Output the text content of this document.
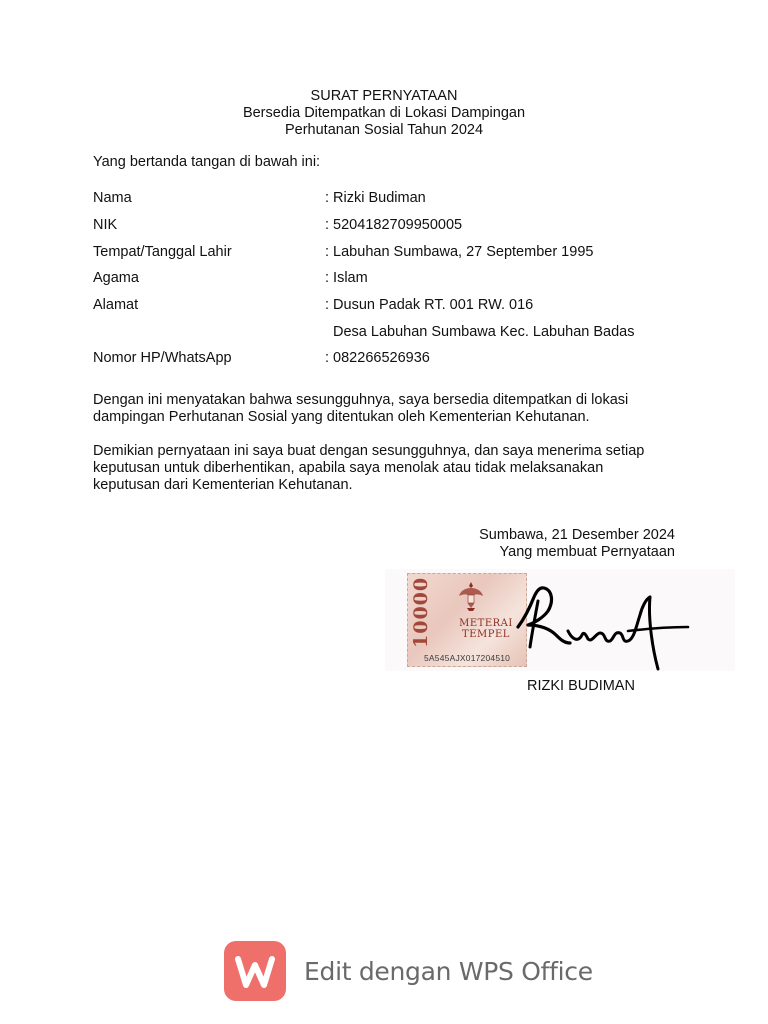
SURAT PERNYATAAN
Bersedia Ditempatkan di Lokasi Dampingan
Perhutanan Sosial Tahun 2024
Yang bertanda tangan di bawah ini:
Nama	: Rizki Budiman
NIK	: 5204182709950005
Tempat/Tanggal Lahir	: Labuhan Sumbawa, 27 September 1995
Agama	: Islam
Alamat	: Dusun Padak RT. 001 RW. 016
Desa Labuhan Sumbawa Kec. Labuhan Badas
Nomor HP/WhatsApp	: 082266526936
Dengan ini menyatakan bahwa sesungguhnya, saya bersedia ditempatkan di lokasi
dampingan Perhutanan Sosial yang ditentukan oleh Kementerian Kehutanan.
Demikian pernyataan ini saya buat dengan sesungguhnya, dan saya menerima setiap
keputusan untuk diberhentikan, apabila saya menolak atau tidak melaksanakan
keputusan dari Kementerian Kehutanan.
Sumbawa, 21 Desember 2024
Yang membuat Pernyataan
10000	METERAI
TEMPEL
5A545AJX017204510
RIZKI BUDIMAN
Edit dengan WPS Office
